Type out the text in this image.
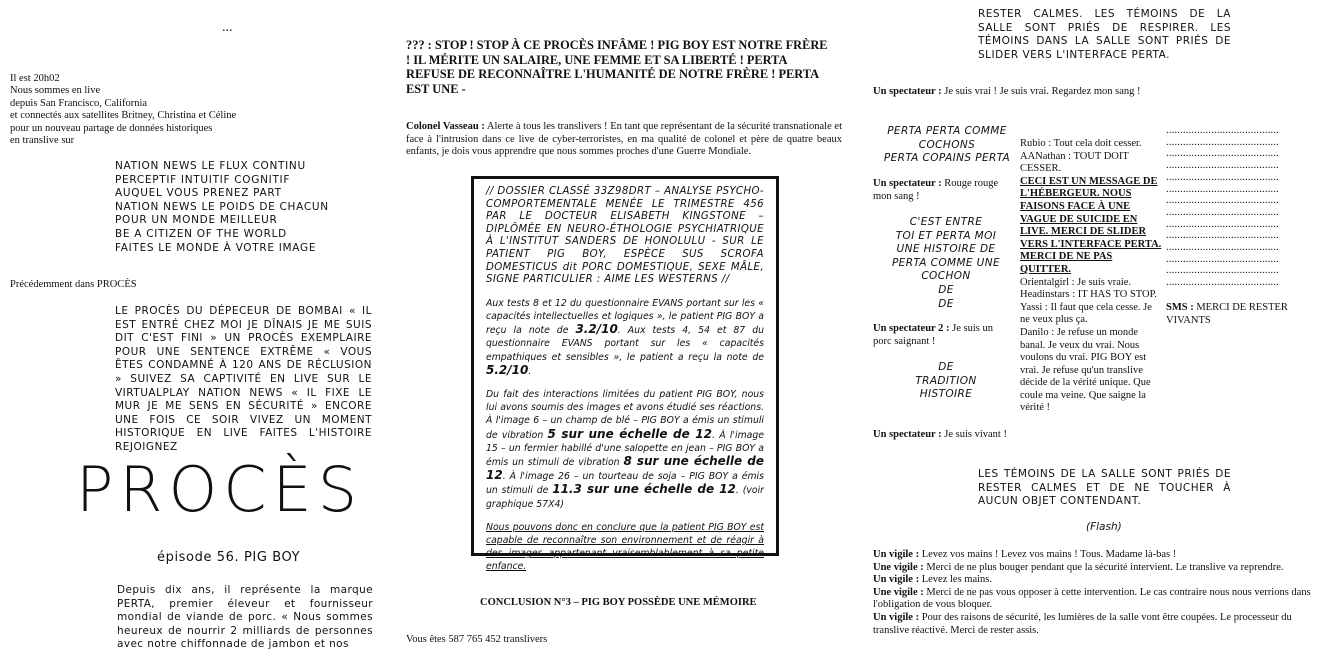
...
Il est 20h02
Nous sommes en live
depuis San Francisco, California
et connectés aux satellites Britney, Christina et Céline
pour un nouveau partage de données historiques
en translive sur
NATION NEWS LE FLUX CONTINU
PERCEPTIF INTUITIF COGNITIF
AUQUEL VOUS PRENEZ PART
NATION NEWS LE POIDS DE CHACUN
POUR UN MONDE MEILLEUR
BE A CITIZEN OF THE WORLD
FAITES LE MONDE À VOTRE IMAGE
Précédemment dans PROCÈS
LE PROCÈS DU DÉPECEUR DE BOMBAI « IL EST ENTRÉ CHEZ MOI JE DÎNAIS JE ME SUIS DIT C'EST FINI » UN PROCÈS EXEMPLAIRE POUR UNE SENTENCE EXTRÊME « VOUS ÊTES CONDAMNÉ À 120 ANS DE RÉCLUSION » SUIVEZ SA CAPTIVITÉ EN LIVE SUR LE VIRTUALPLAY NATION NEWS « IL FIXE LE MUR JE ME SENS EN SÉCURITÉ » ENCORE UNE FOIS CE SOIR VIVEZ UN MOMENT HISTORIQUE EN LIVE FAITES L'HISTOIRE REJOIGNEZ
PROCÈS
épisode 56. PIG BOY
Depuis dix ans, il représente la marque PERTA, premier éleveur et fournisseur mondial de viande de porc. « Nous sommes heureux de nourrir 2 milliards de personnes avec notre chiffonnade de jambon et nos
??? : STOP ! STOP À CE PROCÈS INFÂME ! PIG BOY EST NOTRE FRÈRE ! IL MÉRITE UN SALAIRE, UNE FEMME ET SA LIBERTÉ ! PERTA REFUSE DE RECONNAÎTRE L'HUMANITÉ DE NOTRE FRÈRE ! PERTA EST UNE -
Colonel Vasseau : Alerte à tous les translivers ! En tant que représentant de la sécurité transnationale et face à l'intrusion dans ce live de cyber-terroristes, en ma qualité de colonel et père de quatre beaux enfants, je dois vous apprendre que nous sommes proches d'une Guerre Mondiale.
// DOSSIER CLASSÉ 33Z98DRT – ANALYSE PSYCHO-COMPORTEMENTALE MENÉE LE TRIMESTRE 456 PAR LE DOCTEUR ELISABETH KINGSTONE – DIPLÔMÉE EN NEURO-ÉTHOLOGIE PSYCHIATRIQUE À L'INSTITUT SANDERS DE HONOLULU - SUR LE PATIENT PIG BOY, ESPÈCE SUS SCROFA DOMESTICUS dit PORC DOMESTIQUE, SEXE MÂLE, SIGNE PARTICULIER : AIME LES WESTERNS //
Aux tests 8 et 12 du questionnaire EVANS portant sur les « capacités intellectuelles et logiques », le patient PIG BOY a reçu la note de 3.2/10. Aux tests 4, 54 et 87 du questionnaire EVANS portant sur les « capacités empathiques et sensibles », le patient a reçu la note de 5.2/10.
Du fait des interactions limitées du patient PIG BOY, nous lui avons soumis des images et avons étudié ses réactions. À l'image 6 – un champ de blé – PIG BOY a émis un stimuli de vibration 5 sur une échelle de 12. À l'image 15 – un fermier habillé d'une salopette en jean – PIG BOY a émis un stimuli de vibration 8 sur une échelle de 12. À l'image 26 – un tourteau de soja – PIG BOY a émis un stimuli de 11.3 sur une échelle de 12. (voir graphique 57X4)
Nous pouvons donc en conclure que la patient PIG BOY est capable de reconnaître son environnement et de réagir à des images appartenant vraisemblablement à sa petite enfance.
CONCLUSION N°3 – PIG BOY POSSÈDE UNE MÉMOIRE
Vous êtes 587 765 452 translivers
RESTER CALMES. LES TÉMOINS DE LA SALLE SONT PRIÉS DE RESPIRER. LES TÉMOINS DANS LA SALLE SONT PRIÉS DE SLIDER VERS L'INTERFACE PERTA.
Un spectateur : Je suis vrai ! Je suis vrai. Regardez mon sang !
PERTA PERTA COMME
COCHONS
PERTA COPAINS PERTA
Un spectateur : Rouge rouge mon sang !
C'EST ENTRE
TOI ET PERTA MOI
UNE HISTOIRE DE
PERTA COMME UNE
COCHON
DE
DE
Un spectateur 2 : Je suis un porc saignant !
DE
TRADITION
HISTOIRE
Rubio : Tout cela doit cesser.
AANathan : TOUT DOIT CESSER.
CECI EST UN MESSAGE DE L'HÉBERGEUR. NOUS FAISONS FACE À UNE VAGUE DE SUICIDE EN LIVE. MERCI DE SLIDER VERS L'INTERFACE PERTA. MERCI DE NE PAS QUITTER.
Orientalgirl : Je suis vraie.
Headinstars : IT HAS TO STOP.
Yassi : Il faut que cela cesse. Je ne veux plus ça.
Danilo : Je refuse un monde banal. Je veux du vrai. Nous voulons du vrai. PIG BOY est vrai. Je refuse qu'un translive décide de la vérité unique. Que coule ma veine. Que saigne la vérité !
........................................
........................................
........................................
........................................
........................................
........................................
........................................
........................................
........................................
........................................
........................................
........................................
........................................
........................................
SMS : MERCI DE RESTER VIVANTS
Un spectateur : Je suis vivant !
LES TÉMOINS DE LA SALLE SONT PRIÉS DE RESTER CALMES ET DE NE TOUCHER À AUCUN OBJET CONTENDANT.
(Flash)
Un vigile : Levez vos mains ! Levez vos mains ! Tous. Madame là-bas !
Une vigile : Merci de ne plus bouger pendant que la sécurité intervient. Le translive va reprendre.
Un vigile : Levez les mains.
Une vigile : Merci de ne pas vous opposer à cette intervention. Le cas contraire nous nous verrions dans l'obligation de vous bloquer.
Un vigile : Pour des raisons de sécurité, les lumières de la salle vont être coupées. Le processeur du translive réactivé. Merci de rester assis.
